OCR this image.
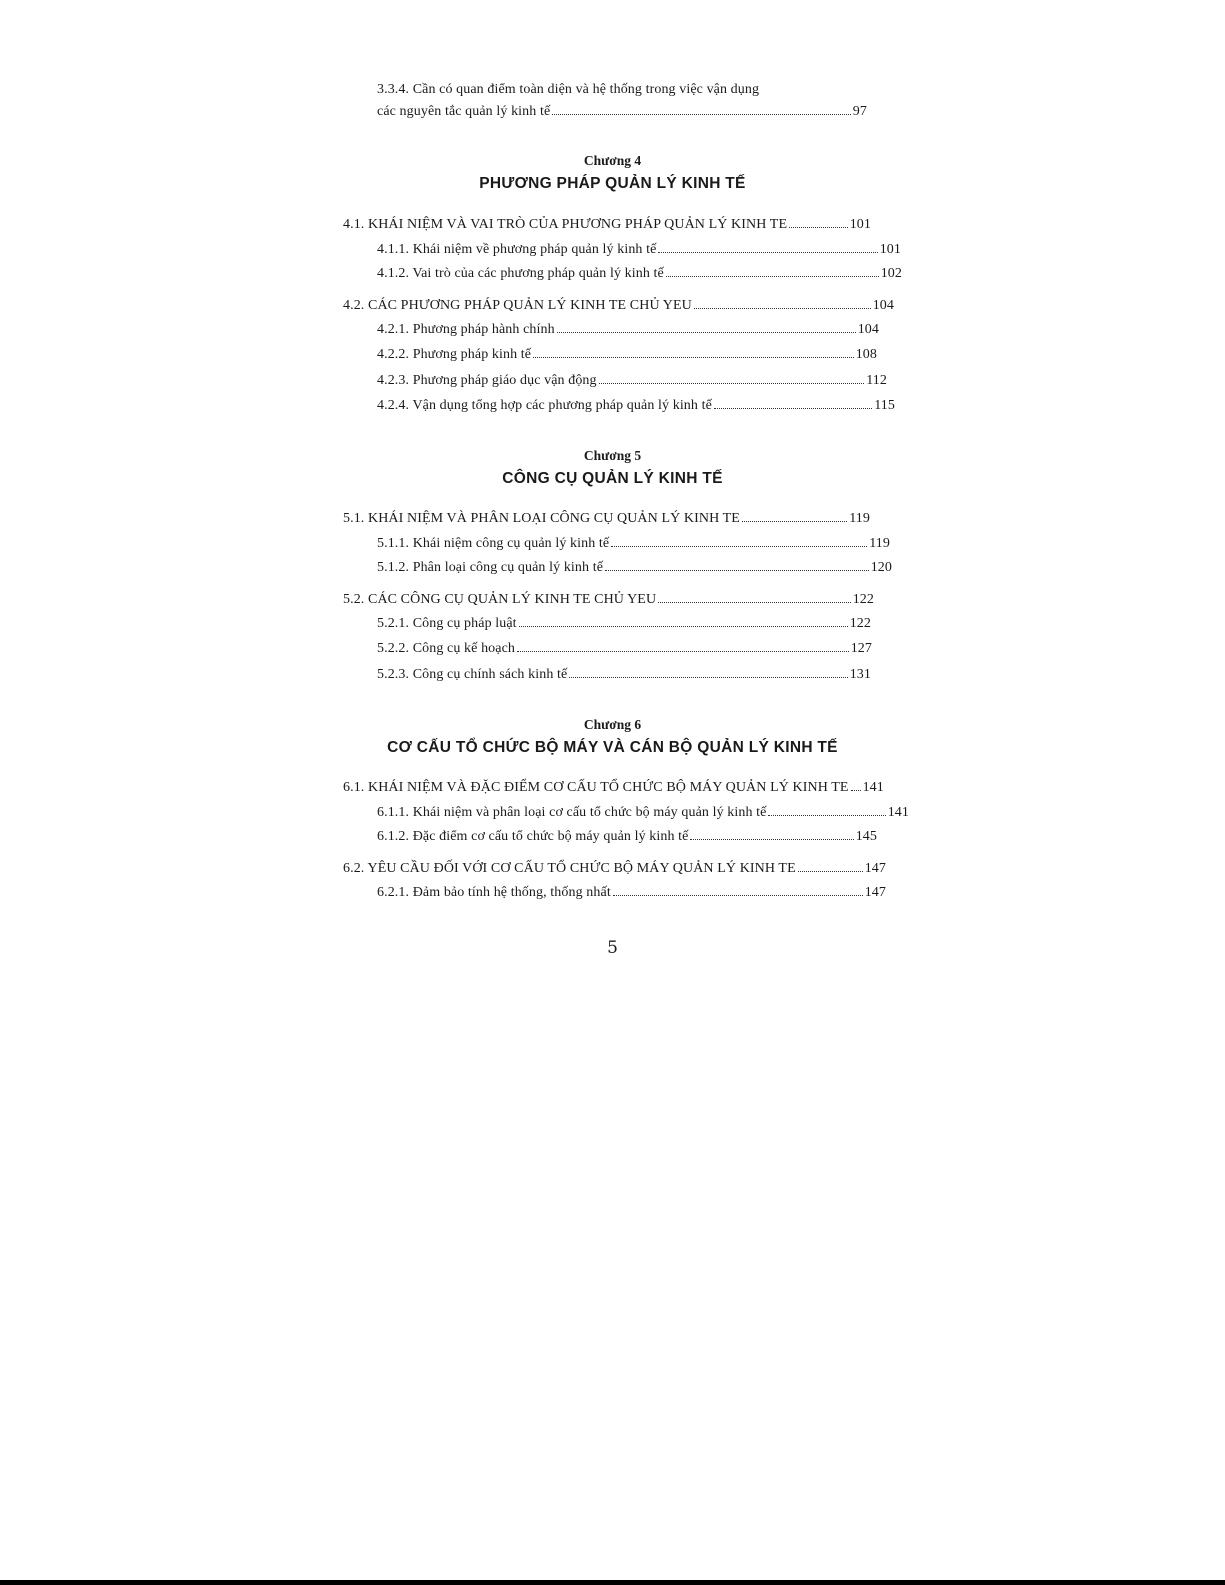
3.3.4. Cần có quan điểm toàn diện và hệ thống trong việc vận dụng
các nguyên tắc quản lý kinh tế	97
Chương 4
PHƯƠNG PHÁP QUẢN LÝ KINH TẾ
4.1. KHÁI NIỆM VÀ VAI TRÒ CỦA PHƯƠNG PHÁP QUẢN LÝ KINH TE	101
4.1.1. Khái niệm về phương pháp quản lý kinh tế	101
4.1.2. Vai trò của các phương pháp quản lý kinh tế	102
4.2. CÁC PHƯƠNG PHÁP QUẢN LÝ KINH TE CHỦ YEU	104
4.2.1. Phương pháp hành chính	104
4.2.2. Phương pháp kinh tế	108
4.2.3. Phương pháp giáo dục vận động	112
4.2.4. Vận dụng tổng hợp các phương pháp quản lý kinh tế	115
Chương 5
CÔNG CỤ QUẢN LÝ KINH TẾ
5.1. KHÁI NIỆM VÀ PHÂN LOẠI CÔNG CỤ QUẢN LÝ KINH TE	119
5.1.1. Khái niệm công cụ quản lý kinh tế	119
5.1.2. Phân loại công cụ quản lý kinh tế	120
5.2. CÁC CÔNG CỤ QUẢN LÝ KINH TE CHỦ YEU	122
5.2.1. Công cụ pháp luật	122
5.2.2. Công cụ kế hoạch	127
5.2.3. Công cụ chính sách kinh tế	131
Chương 6
CƠ CẤU TỔ CHỨC BỘ MÁY VÀ CÁN BỘ QUẢN LÝ KINH TẾ
6.1. KHÁI NIỆM VÀ ĐẶC ĐIỂM CƠ CẤU TỔ CHỨC BỘ MÁY QUẢN LÝ KINH TE 141
6.1.1. Khái niệm và phân loại cơ cấu tổ chức bộ máy quản lý kinh tế	141
6.1.2. Đặc điểm cơ cấu tổ chức bộ máy quản lý kinh tế	145
6.2. YÊU CẦU ĐỐI VỚI CƠ CẤU TỔ CHỨC BỘ MÁY QUẢN LÝ KINH TE	147
6.2.1. Đảm bảo tính hệ thống, thống nhất	147
5
